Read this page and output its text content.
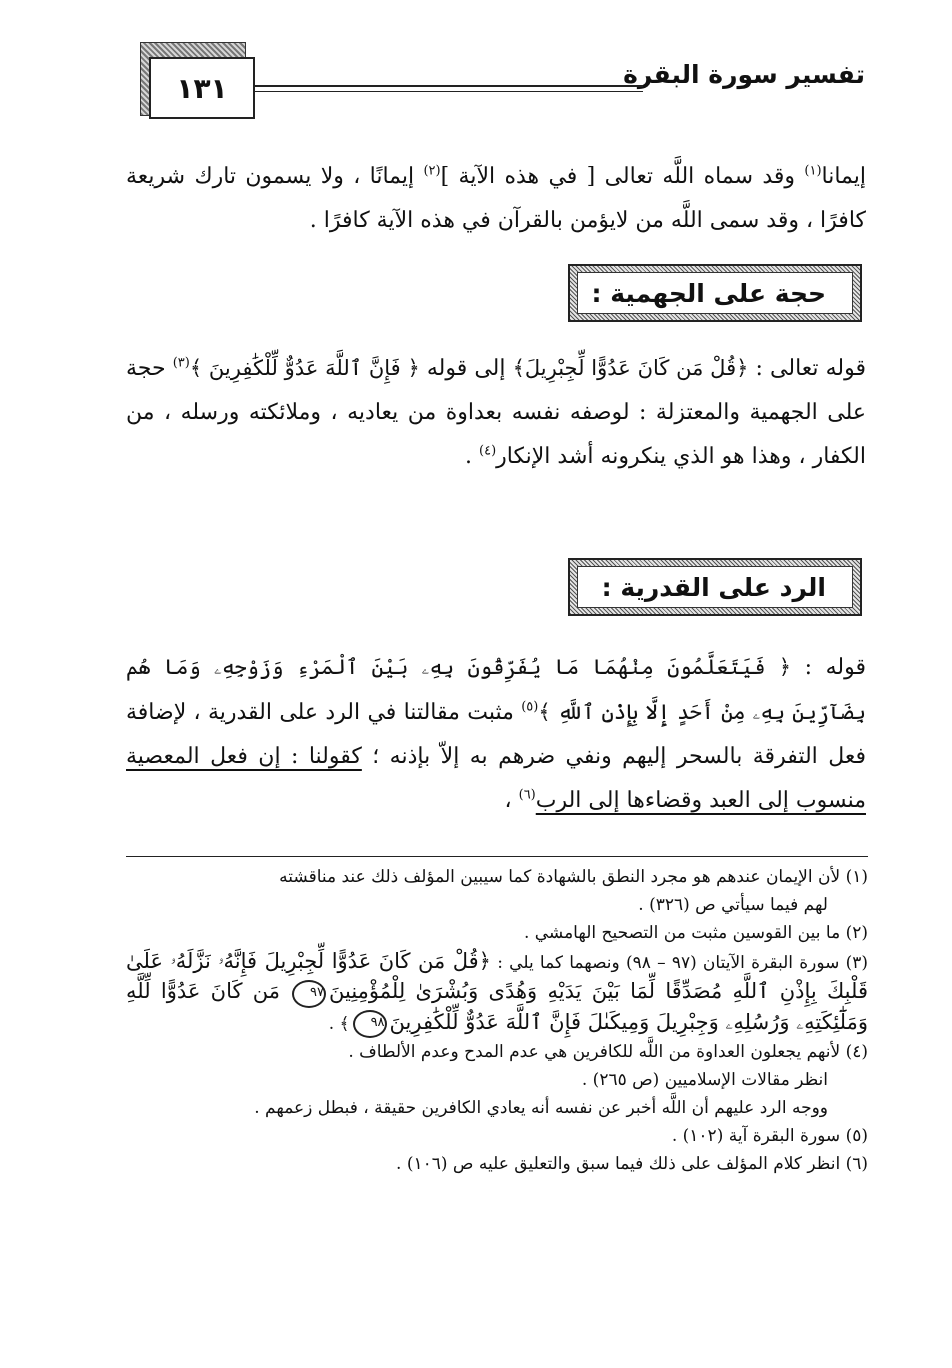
تفسير سورة البقرة
١٣١

إيمانا$^{(١)}$ وقد سماه اللَّه تعالى [ في هذه الآية ]$^{(٢)}$ إيمانًا ، ولا يسمون تارك شريعة كافرًا ، وقد سمى اللَّه من لايؤمن بالقرآن في هذه الآية كافرًا .

حجة على الجهمية :

قوله تعالى : ﴿قُلْ مَن كَانَ عَدُوًّا لِّجِبْرِيلَ﴾ إلى قوله ﴿ فَإِنَّ ٱللَّهَ عَدُوٌّ لِّلْكَٰفِرِينَ ﴾$^{(٣)}$ حجة على الجهمية والمعتزلة : لوصفه نفسه بعداوة من يعاديه ، وملائكته ورسله ، من الكفار ، وهذا هو الذي ينكرونه أشد الإنكار$^{(٤)}$ .

الرد على القدرية :

قوله : ﴿ فَيَتَعَلَّمُونَ مِنْهُمَا مَا يُفَرِّقُونَ بِهِۦ بَيْنَ ٱلْمَرْءِ وَزَوْجِهِۦ وَمَا هُم بِضَآرِّينَ بِهِۦ مِنْ أَحَدٍ إِلَّا بِإِذْنِ ٱللَّهِ ﴾$^{(٥)}$ مثبت مقالتنا في الرد على القدرية ، لإضافة فعل التفرقة بالسحر إليهم ونفي ضرهم به إلاّ بإذنه ؛ كقولنا : إن فعل المعصية منسوب إلى العبد وقضاءها إلى الرب$^{(٦)}$ ،

(١) لأن الإيمان عندهم هو مجرد النطق بالشهادة كما سيبين المؤلف ذلك عند مناقشته

لهم فيما سيأتي ص (٣٢٦) .

(٢) ما بين القوسين مثبت من التصحيح الهامشي .

(٣) سورة البقرة الآيتان (٩٧ – ٩٨) ونصهما كما يلي : ﴿قُلْ مَن كَانَ عَدُوًّا لِّجِبْرِيلَ فَإِنَّهُۥ نَزَّلَهُۥ عَلَىٰ قَلْبِكَ بِإِذْنِ ٱللَّهِ مُصَدِّقًا لِّمَا بَيْنَ يَدَيْهِ وَهُدًى وَبُشْرَىٰ لِلْمُؤْمِنِينَ٩٧ مَن كَانَ عَدُوًّا لِّلَّهِ وَمَلَٰٓئِكَتِهِۦ وَرُسُلِهِۦ وَجِبْرِيلَ وَمِيكَىٰلَ فَإِنَّ ٱللَّهَ عَدُوٌّ لِّلْكَٰفِرِينَ٩٨﴾ .

(٤) لأنهم يجعلون العداوة من اللَّه للكافرين هي عدم المدح وعدم الألطاف .

انظر مقالات الإسلاميين (ص ٢٦٥) .

ووجه الرد عليهم أن اللَّه أخبر عن نفسه أنه يعادي الكافرين حقيقة ، فبطل زعمهم .

(٥) سورة البقرة آية (١٠٢) .

(٦) انظر كلام المؤلف على ذلك فيما سبق والتعليق عليه ص (١٠٦) .
